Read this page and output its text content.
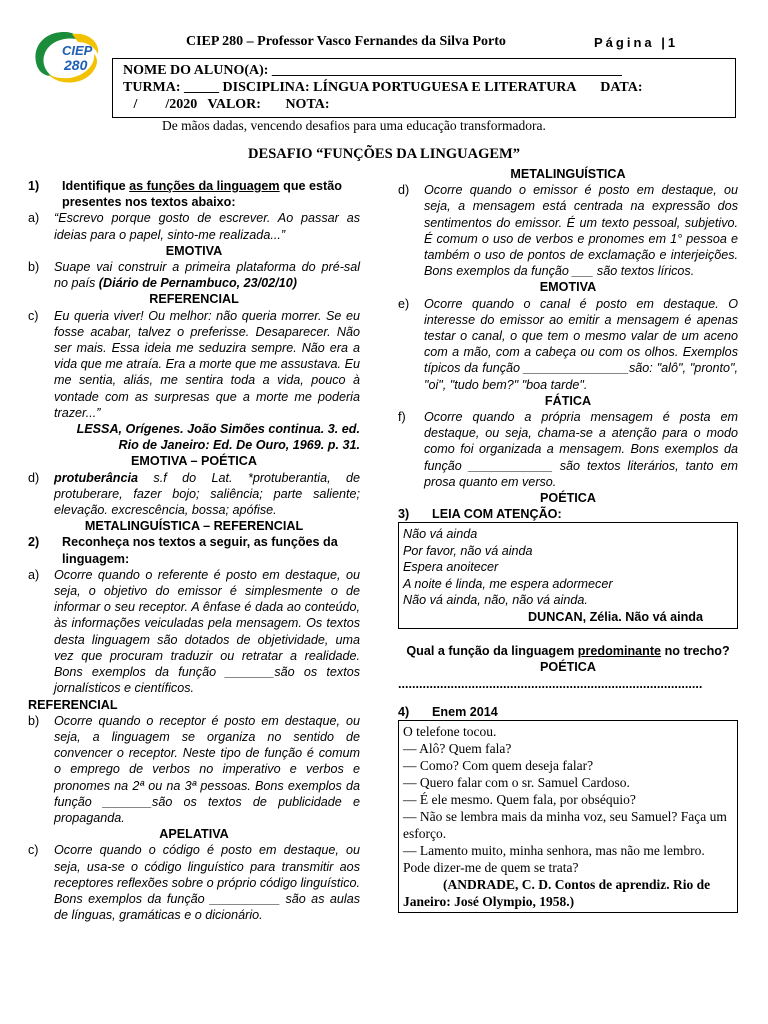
CIEP
280
CIEP 280 – Professor Vasco Fernandes da Silva Porto	Página |1
NOME DO ALUNO(A): __________________________________________________
TURMA: _____ DISCIPLINA: LÍNGUA PORTUGUESA E LITERATURA       DATA:
/        /2020   VALOR:       NOTA:
De mãos dadas, vencendo desafios para uma educação transformadora.
DESAFIO “FUNÇÕES DA LINGUAGEM”
1)	Identifique as funções da linguagem que estão presentes nos textos abaixo:
a)	“Escrevo porque gosto de escrever. Ao passar as ideias para o papel, sinto-me realizada...”
EMOTIVA
b)	Suape vai construir a primeira plataforma do pré-sal no país (Diário de Pernambuco, 23/02/10)
REFERENCIAL
c)	Eu queria viver! Ou melhor: não queria morrer. Se eu fosse acabar, talvez o preferisse. Desaparecer. Não ser mais. Essa ideia me seduzira sempre. Não era a vida que me atraía. Era a morte que me assustava. Eu me sentia, aliás, me sentira toda a vida, pouco à vontade com as surpresas que a morte me poderia trazer...”
LESSA, Orígenes. João Simões continua. 3. ed. Rio de Janeiro: Ed. De Ouro, 1969. p. 31.
EMOTIVA – POÉTICA
d)	protuberância s.f do Lat. *protuberantia, de protuberare, fazer bojo; saliência; parte saliente; elevação. excrescência, bossa; apófise.
METALINGUÍSTICA – REFERENCIAL
2)	Reconheça nos textos a seguir, as funções da linguagem:
a)	Ocorre quando o referente é posto em destaque, ou seja, o objetivo do emissor é simplesmente o de informar o seu receptor. A ênfase é dada ao conteúdo, às informações veiculadas pela mensagem. Os textos desta linguagem são dotados de objetividade, uma vez que procuram traduzir ou retratar a realidade. Bons exemplos da função _______são os textos jornalísticos e científicos.
REFERENCIAL
b)	Ocorre quando o receptor é posto em destaque, ou seja, a linguagem se organiza no sentido de convencer o receptor. Neste tipo de função é comum o emprego de verbos no imperativo e verbos e pronomes na 2ª ou na 3ª pessoas. Bons exemplos da função _______são os textos de publicidade e propaganda.
APELATIVA
c)	Ocorre quando o código é posto em destaque, ou seja, usa-se o código linguístico para transmitir aos receptores reflexões sobre o próprio código linguístico. Bons exemplos da função __________ são as aulas de línguas, gramáticas e o dicionário.
METALINGUÍSTICA
d)	Ocorre quando o emissor é posto em destaque, ou seja, a mensagem está centrada na expressão dos sentimentos do emissor. É um texto pessoal, subjetivo. É comum o uso de verbos e pronomes em 1° pessoa e também o uso de pontos de exclamação e interjeições. Bons exemplos da função ___ são textos líricos.
EMOTIVA
e)	Ocorre quando o canal é posto em destaque. O interesse do emissor ao emitir a mensagem é apenas testar o canal, o que tem o mesmo valar de um aceno com a mão, com a cabeça ou com os olhos. Exemplos típicos da função _______________são: "alô", "pronto", "oi", "tudo bem?" "boa tarde".
FÁTICA
f)	Ocorre quando a própria mensagem é posta em destaque, ou seja, chama-se a atenção para o modo como foi organizada a mensagem. Bons exemplos da função ____________ são textos literários, tanto em prosa quanto em verso.
POÉTICA
3)	LEIA COM ATENÇÃO:
Não vá ainda
Por favor, não vá ainda
Espera anoitecer
A noite é linda, me espera adormecer
Não vá ainda, não, não vá ainda.
DUNCAN, Zélia. Não vá ainda
Qual a função da linguagem predominante no trecho?
POÉTICA
.......................................................................................
4)	Enem 2014
O telefone tocou.
— Alô? Quem fala?
— Como? Com quem deseja falar?
— Quero falar com o sr. Samuel Cardoso.
— É ele mesmo. Quem fala, por obséquio?
— Não se lembra mais da minha voz, seu Samuel? Faça um esforço.
— Lamento muito, minha senhora, mas não me lembro. Pode dizer-me de quem se trata?
(ANDRADE, C. D. Contos de aprendiz. Rio de Janeiro: José Olympio, 1958.)
